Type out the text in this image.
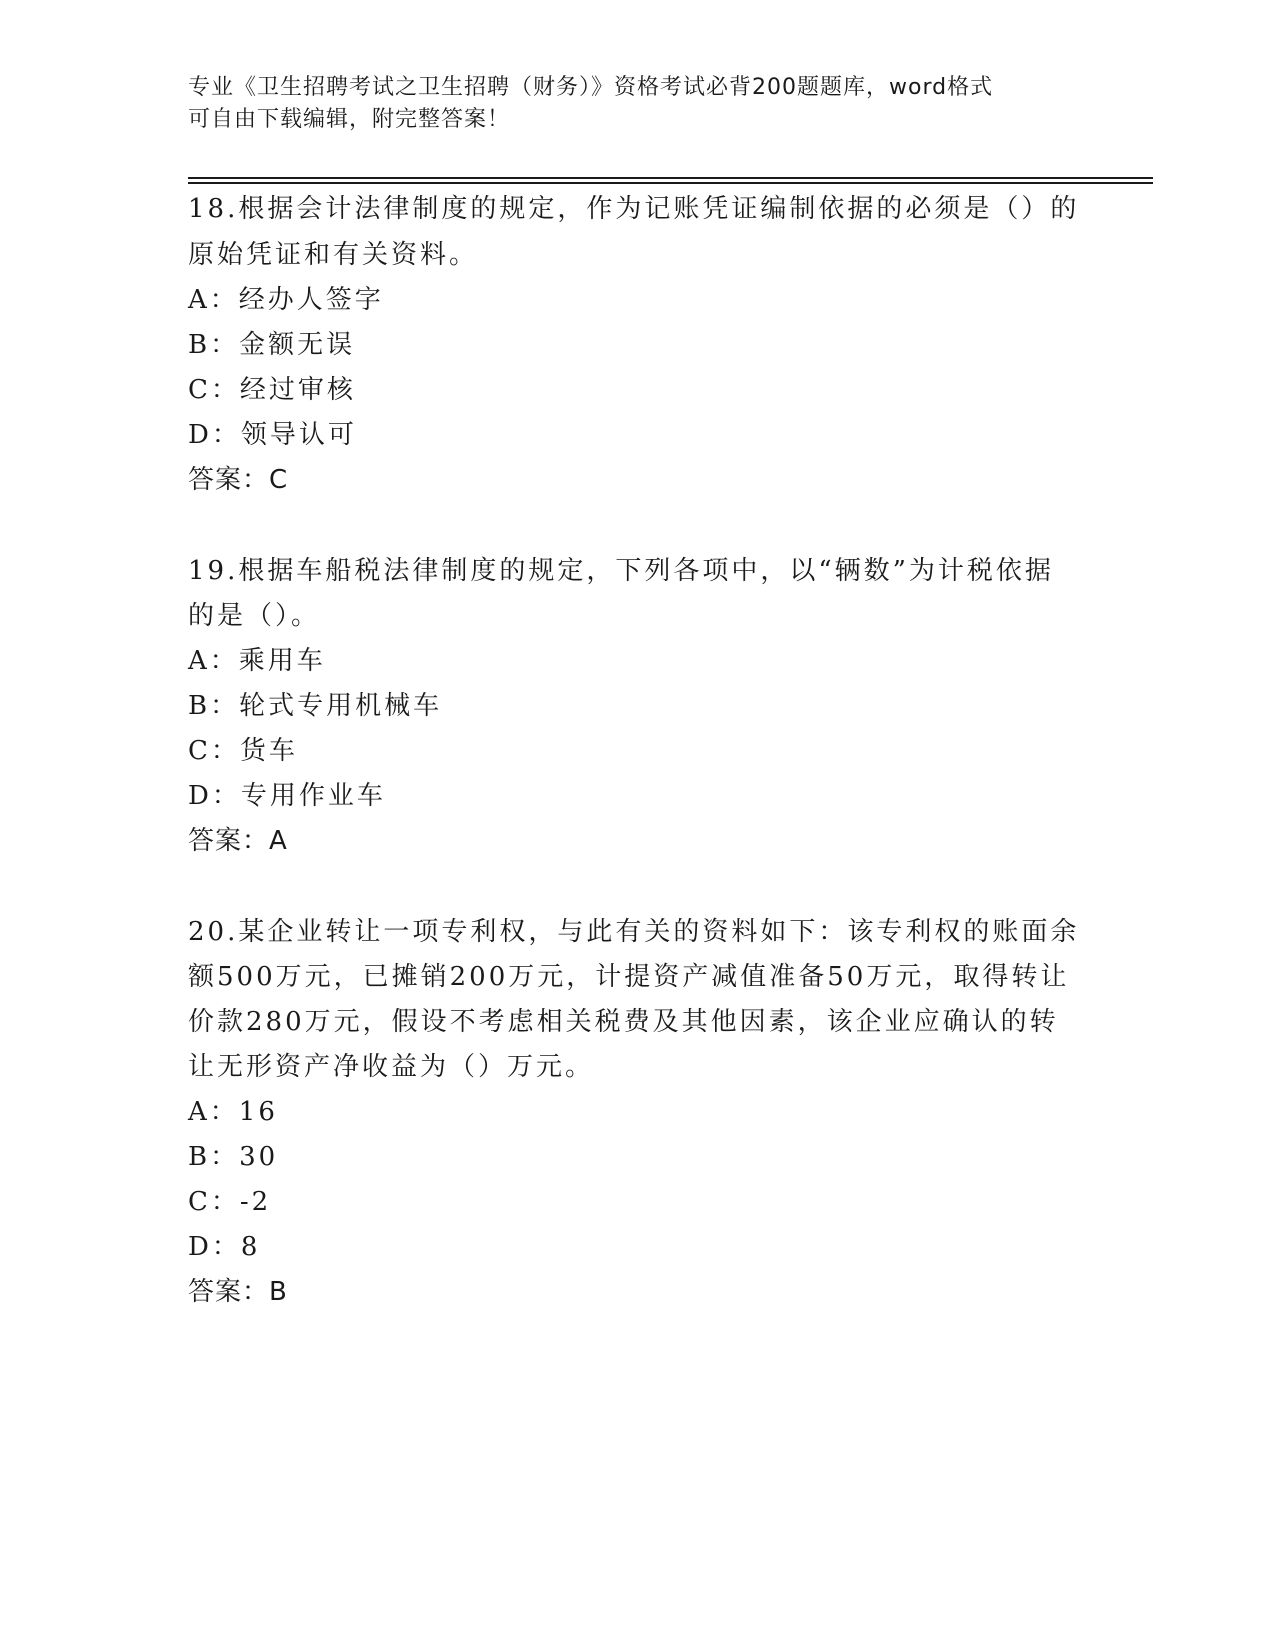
专业《卫生招聘考试之卫生招聘（财务）》资格考试必背200题题库，word格式
可自由下载编辑，附完整答案！
18.根据会计法律制度的规定，作为记账凭证编制依据的必须是（）的
原始凭证和有关资料。
A：经办人签字
B：金额无误
C：经过审核
D：领导认可
答案：C
19.根据车船税法律制度的规定，下列各项中，以“辆数”为计税依据
的是（）。
A：乘用车
B：轮式专用机械车
C：货车
D：专用作业车
答案：A
20.某企业转让一项专利权，与此有关的资料如下：该专利权的账面余
额500万元，已摊销200万元，计提资产减值准备50万元，取得转让
价款280万元，假设不考虑相关税费及其他因素，该企业应确认的转
让无形资产净收益为（）万元。
A：16
B：30
C：-2
D：8
答案：B
